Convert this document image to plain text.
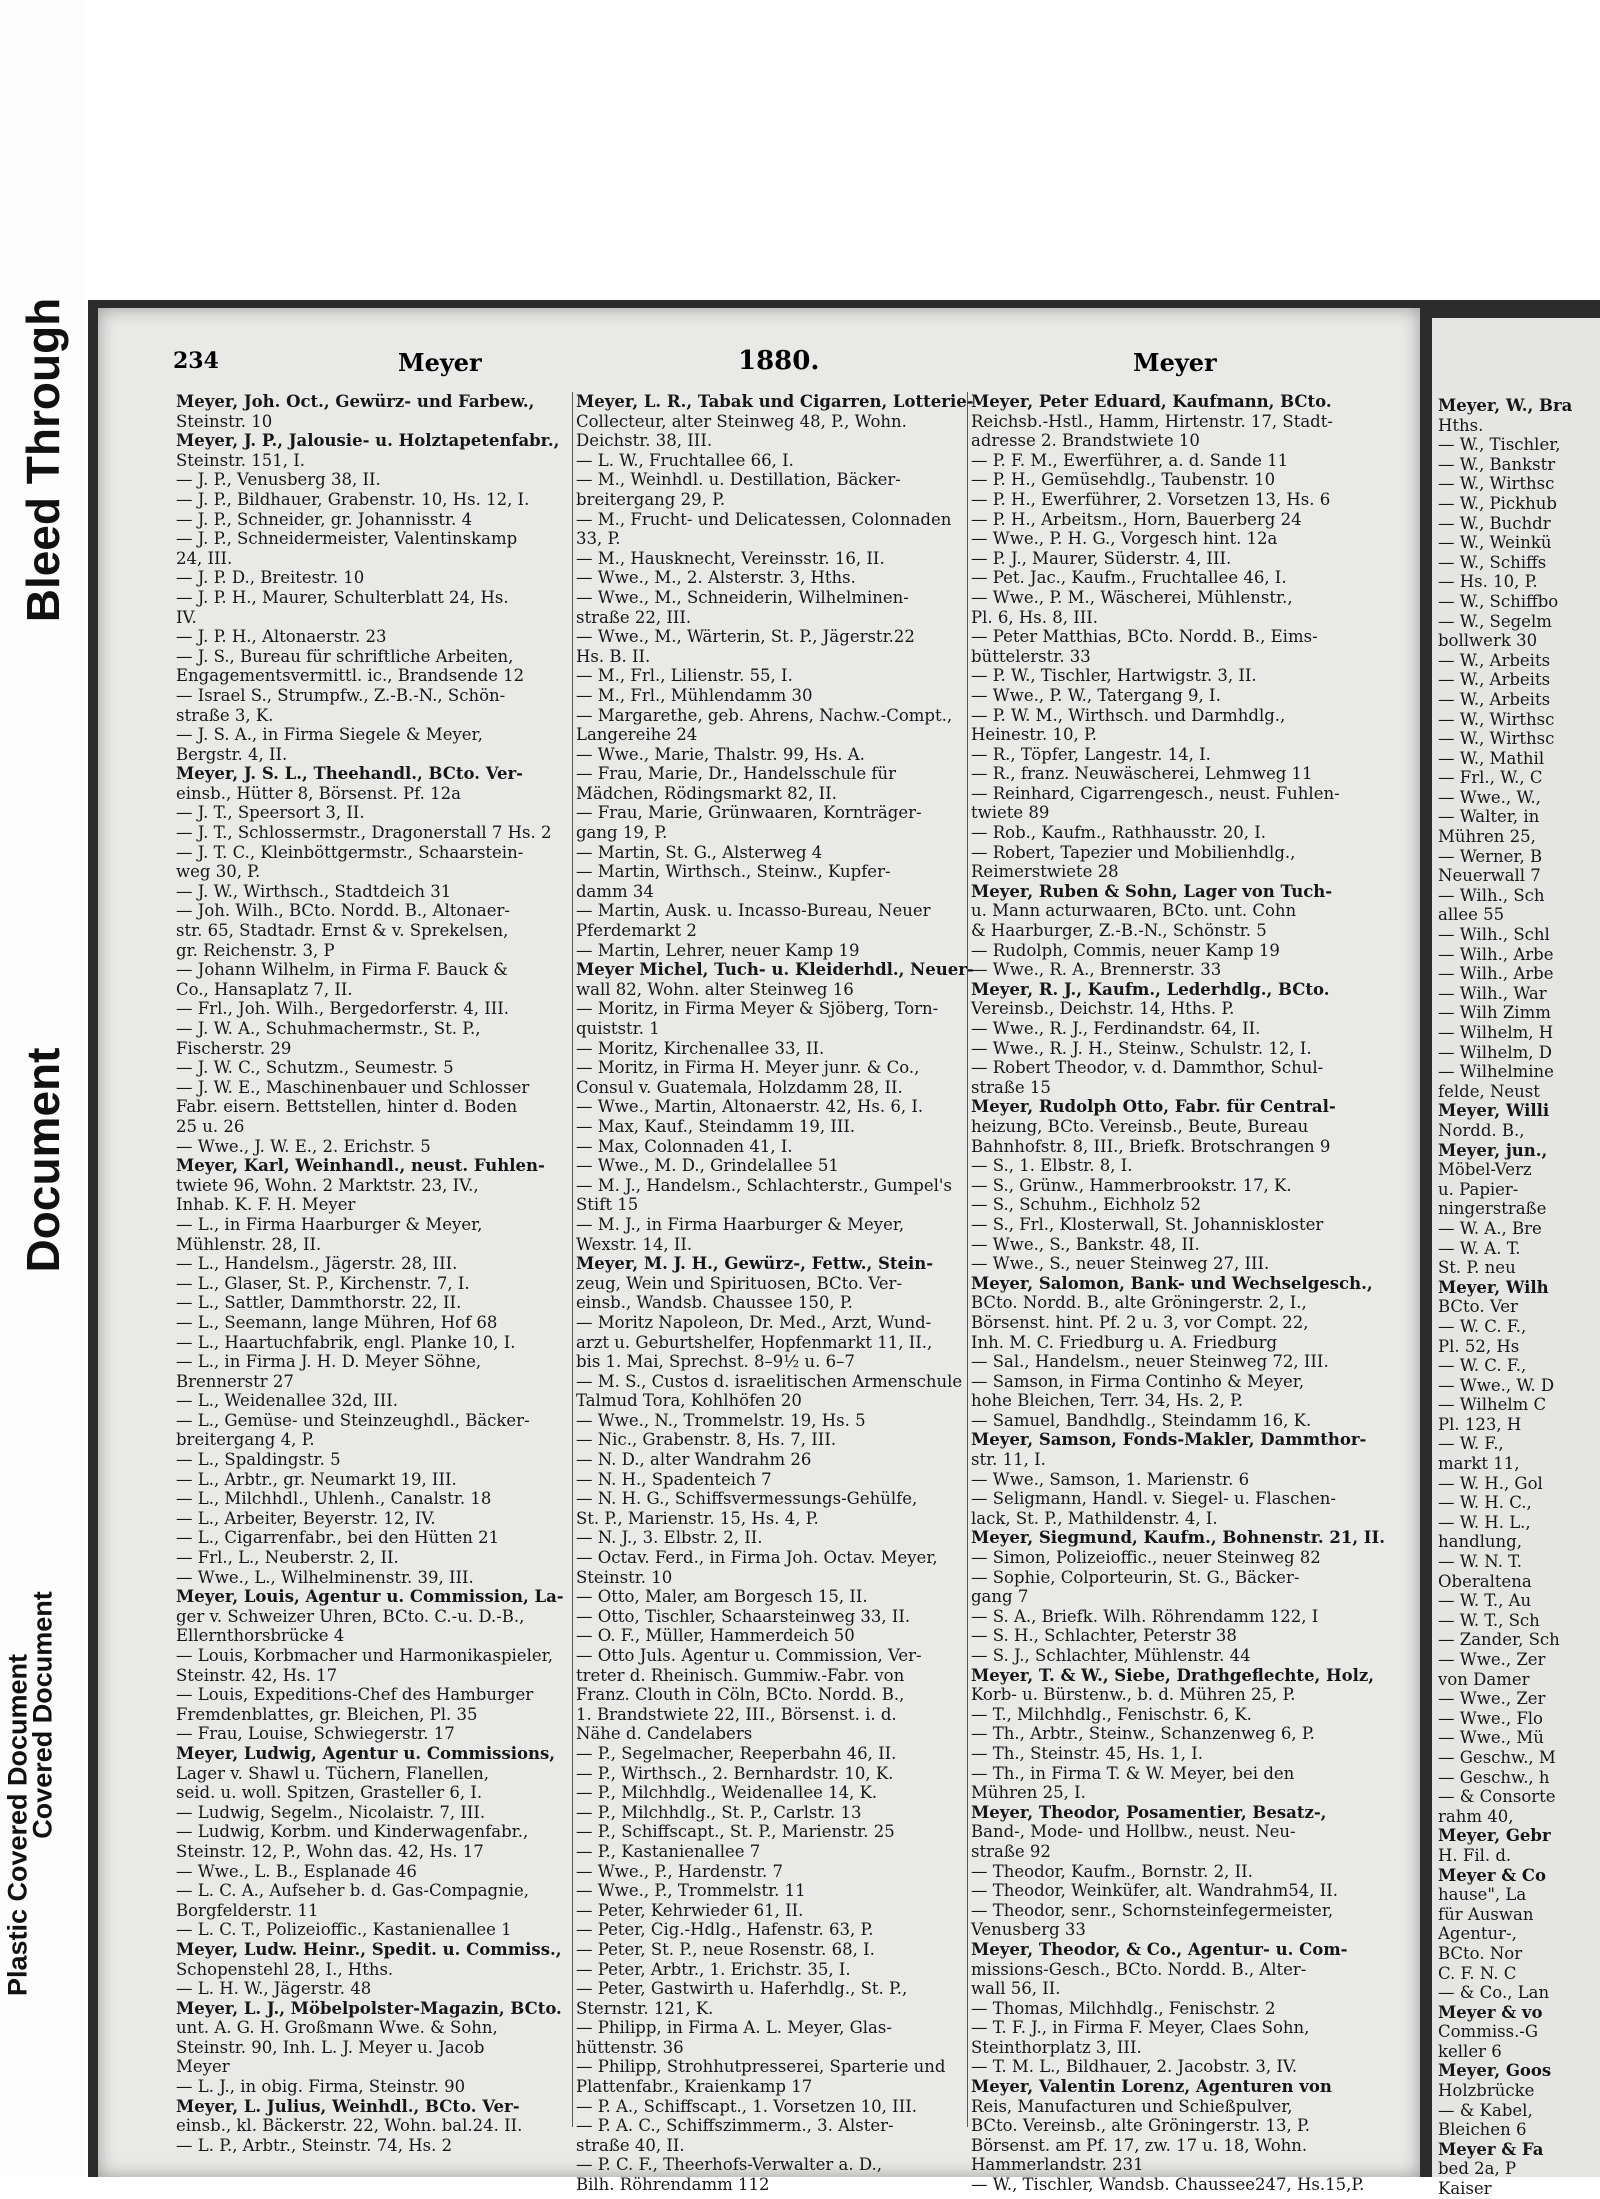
Bleed Through
Document
Covered Document
Plastic Covered Document
234	Meyer	1880.	Meyer

Meyer, Joh. Oct., Gewürz- und Farbew.,

Steinstr. 10

Meyer, J. P., Jalousie- u. Holztapetenfabr.,

Steinstr. 151, I.

— J. P., Venusberg 38, II.

— J. P., Bildhauer, Grabenstr. 10, Hs. 12, I.

— J. P., Schneider, gr. Johannisstr. 4

— J. P., Schneidermeister, Valentinskamp

24, III.

— J. P. D., Breitestr. 10

— J. P. H., Maurer, Schulterblatt 24, Hs.

IV.

— J. P. H., Altonaerstr. 23

— J. S., Bureau für schriftliche Arbeiten,

Engagementsvermittl. ic., Brandsende 12

— Israel S., Strumpfw., Z.-B.-N., Schön-

straße 3, K.

— J. S. A., in Firma Siegele & Meyer,

Bergstr. 4, II.

Meyer, J. S. L., Theehandl., BCto. Ver-

einsb., Hütter 8, Börsenst. Pf. 12a

— J. T., Speersort 3, II.

— J. T., Schlossermstr., Dragonerstall 7 Hs. 2

— J. T. C., Kleinböttgermstr., Schaarstein-

weg 30, P.

— J. W., Wirthsch., Stadtdeich 31

— Joh. Wilh., BCto. Nordd. B., Altonaer-

str. 65, Stadtadr. Ernst & v. Sprekelsen,

gr. Reichenstr. 3, P

— Johann Wilhelm, in Firma F. Bauck &

Co., Hansaplatz 7, II.

— Frl., Joh. Wilh., Bergedorferstr. 4, III.

— J. W. A., Schuhmachermstr., St. P.,

Fischerstr. 29

— J. W. C., Schutzm., Seumestr. 5

— J. W. E., Maschinenbauer und Schlosser

Fabr. eisern. Bettstellen, hinter d. Boden

25 u. 26

— Wwe., J. W. E., 2. Erichstr. 5

Meyer, Karl, Weinhandl., neust. Fuhlen-

twiete 96, Wohn. 2 Marktstr. 23, IV.,

Inhab. K. F. H. Meyer

— L., in Firma Haarburger & Meyer,

Mühlenstr. 28, II.

— L., Handelsm., Jägerstr. 28, III.

— L., Glaser, St. P., Kirchenstr. 7, I.

— L., Sattler, Dammthorstr. 22, II.

— L., Seemann, lange Mühren, Hof 68

— L., Haartuchfabrik, engl. Planke 10, I.

— L., in Firma J. H. D. Meyer Söhne,

Brennerstr 27

— L., Weidenallee 32d, III.

— L., Gemüse- und Steinzeughdl., Bäcker-

breitergang 4, P.

— L., Spaldingstr. 5

— L., Arbtr., gr. Neumarkt 19, III.

— L., Milchhdl., Uhlenh., Canalstr. 18

— L., Arbeiter, Beyerstr. 12, IV.

— L., Cigarrenfabr., bei den Hütten 21

— Frl., L., Neuberstr. 2, II.

— Wwe., L., Wilhelminenstr. 39, III.

Meyer, Louis, Agentur u. Commission, La-

ger v. Schweizer Uhren, BCto. C.-u. D.-B.,

Ellernthorsbrücke 4

— Louis, Korbmacher und Harmonikaspieler,

Steinstr. 42, Hs. 17

— Louis, Expeditions-Chef des Hamburger

Fremdenblattes, gr. Bleichen, Pl. 35

— Frau, Louise, Schwiegerstr. 17

Meyer, Ludwig, Agentur u. Commissions,

Lager v. Shawl u. Tüchern, Flanellen,

seid. u. woll. Spitzen, Grasteller 6, I.

— Ludwig, Segelm., Nicolaistr. 7, III.

— Ludwig, Korbm. und Kinderwagenfabr.,

Steinstr. 12, P., Wohn das. 42, Hs. 17

— Wwe., L. B., Esplanade 46

— L. C. A., Aufseher b. d. Gas-Compagnie,

Borgfelderstr. 11

— L. C. T., Polizeioffic., Kastanienallee 1

Meyer, Ludw. Heinr., Spedit. u. Commiss.,

Schopenstehl 28, I., Hths.

— L. H. W., Jägerstr. 48

Meyer, L. J., Möbelpolster-Magazin, BCto.

unt. A. G. H. Großmann Wwe. & Sohn,

Steinstr. 90, Inh. L. J. Meyer u. Jacob

Meyer

— L. J., in obig. Firma, Steinstr. 90

Meyer, L. Julius, Weinhdl., BCto. Ver-

einsb., kl. Bäckerstr. 22, Wohn. bal.24. II.

— L. P., Arbtr., Steinstr. 74, Hs. 2

Meyer, L. R., Tabak und Cigarren, Lotterie-

Collecteur, alter Steinweg 48, P., Wohn.

Deichstr. 38, III.

— L. W., Fruchtallee 66, I.

— M., Weinhdl. u. Destillation, Bäcker-

breitergang 29, P.

— M., Frucht- und Delicatessen, Colonnaden

33, P.

— M., Hausknecht, Vereinsstr. 16, II.

— Wwe., M., 2. Alsterstr. 3, Hths.

— Wwe., M., Schneiderin, Wilhelminen-

straße 22, III.

— Wwe., M., Wärterin, St. P., Jägerstr.22

Hs. B. II.

— M., Frl., Lilienstr. 55, I.

— M., Frl., Mühlendamm 30

— Margarethe, geb. Ahrens, Nachw.-Compt.,

Langereihe 24

— Wwe., Marie, Thalstr. 99, Hs. A.

— Frau, Marie, Dr., Handelsschule für

Mädchen, Rödingsmarkt 82, II.

— Frau, Marie, Grünwaaren, Kornträger-

gang 19, P.

— Martin, St. G., Alsterweg 4

— Martin, Wirthsch., Steinw., Kupfer-

damm 34

— Martin, Ausk. u. Incasso-Bureau, Neuer

Pferdemarkt 2

— Martin, Lehrer, neuer Kamp 19

Meyer Michel, Tuch- u. Kleiderhdl., Neuer-

wall 82, Wohn. alter Steinweg 16

— Moritz, in Firma Meyer & Sjöberg, Torn-

quiststr. 1

— Moritz, Kirchenallee 33, II.

— Moritz, in Firma H. Meyer junr. & Co.,

Consul v. Guatemala, Holzdamm 28, II.

— Wwe., Martin, Altonaerstr. 42, Hs. 6, I.

— Max, Kauf., Steindamm 19, III.

— Max, Colonnaden 41, I.

— Wwe., M. D., Grindelallee 51

— M. J., Handelsm., Schlachterstr., Gumpel's

Stift 15

— M. J., in Firma Haarburger & Meyer,

Wexstr. 14, II.

Meyer, M. J. H., Gewürz-, Fettw., Stein-

zeug, Wein und Spirituosen, BCto. Ver-

einsb., Wandsb. Chaussee 150, P.

— Moritz Napoleon, Dr. Med., Arzt, Wund-

arzt u. Geburtshelfer, Hopfenmarkt 11, II.,

bis 1. Mai, Sprechst. 8–9½ u. 6–7

— M. S., Custos d. israelitischen Armenschule

Talmud Tora, Kohlhöfen 20

— Wwe., N., Trommelstr. 19, Hs. 5

— Nic., Grabenstr. 8, Hs. 7, III.

— N. D., alter Wandrahm 26

— N. H., Spadenteich 7

— N. H. G., Schiffsvermessungs-Gehülfe,

St. P., Marienstr. 15, Hs. 4, P.

— N. J., 3. Elbstr. 2, II.

— Octav. Ferd., in Firma Joh. Octav. Meyer,

Steinstr. 10

— Otto, Maler, am Borgesch 15, II.

— Otto, Tischler, Schaarsteinweg 33, II.

— O. F., Müller, Hammerdeich 50

— Otto Juls. Agentur u. Commission, Ver-

treter d. Rheinisch. Gummiw.-Fabr. von

Franz. Clouth in Cöln, BCto. Nordd. B.,

1. Brandstwiete 22, III., Börsenst. i. d.

Nähe d. Candelabers

— P., Segelmacher, Reeperbahn 46, II.

— P., Wirthsch., 2. Bernhardstr. 10, K.

— P., Milchhdlg., Weidenallee 14, K.

— P., Milchhdlg., St. P., Carlstr. 13

— P., Schiffscapt., St. P., Marienstr. 25

— P., Kastanienallee 7

— Wwe., P., Hardenstr. 7

— Wwe., P., Trommelstr. 11

— Peter, Kehrwieder 61, II.

— Peter, Cig.-Hdlg., Hafenstr. 63, P.

— Peter, St. P., neue Rosenstr. 68, I.

— Peter, Arbtr., 1. Erichstr. 35, I.

— Peter, Gastwirth u. Haferhdlg., St. P.,

Sternstr. 121, K.

— Philipp, in Firma A. L. Meyer, Glas-

hüttenstr. 36

— Philipp, Strohhutpresserei, Sparterie und

Plattenfabr., Kraienkamp 17

— P. A., Schiffscapt., 1. Vorsetzen 10, III.

— P. A. C., Schiffszimmerm., 3. Alster-

straße 40, II.

— P. C. F., Theerhofs-Verwalter a. D.,

Bilh. Röhrendamm 112

Meyer, Peter Eduard, Kaufmann, BCto.

Reichsb.-Hstl., Hamm, Hirtenstr. 17, Stadt-

adresse 2. Brandstwiete 10

— P. F. M., Ewerführer, a. d. Sande 11

— P. H., Gemüsehdlg., Taubenstr. 10

— P. H., Ewerführer, 2. Vorsetzen 13, Hs. 6

— P. H., Arbeitsm., Horn, Bauerberg 24

— Wwe., P. H. G., Vorgesch hint. 12a

— P. J., Maurer, Süderstr. 4, III.

— Pet. Jac., Kaufm., Fruchtallee 46, I.

— Wwe., P. M., Wäscherei, Mühlenstr.,

Pl. 6, Hs. 8, III.

— Peter Matthias, BCto. Nordd. B., Eims-

büttelerstr. 33

— P. W., Tischler, Hartwigstr. 3, II.

— Wwe., P. W., Tatergang 9, I.

— P. W. M., Wirthsch. und Darmhdlg.,

Heinestr. 10, P.

— R., Töpfer, Langestr. 14, I.

— R., franz. Neuwäscherei, Lehmweg 11

— Reinhard, Cigarrengesch., neust. Fuhlen-

twiete 89

— Rob., Kaufm., Rathhausstr. 20, I.

— Robert, Tapezier und Mobilienhdlg.,

Reimerstwiete 28

Meyer, Ruben & Sohn, Lager von Tuch-

u. Mann acturwaaren, BCto. unt. Cohn

& Haarburger, Z.-B.-N., Schönstr. 5

— Rudolph, Commis, neuer Kamp 19

— Wwe., R. A., Brennerstr. 33

Meyer, R. J., Kaufm., Lederhdlg., BCto.

Vereinsb., Deichstr. 14, Hths. P.

— Wwe., R. J., Ferdinandstr. 64, II.

— Wwe., R. J. H., Steinw., Schulstr. 12, I.

— Robert Theodor, v. d. Dammthor, Schul-

straße 15

Meyer, Rudolph Otto, Fabr. für Central-

heizung, BCto. Vereinsb., Beute, Bureau

Bahnhofstr. 8, III., Briefk. Brotschrangen 9

— S., 1. Elbstr. 8, I.

— S., Grünw., Hammerbrookstr. 17, K.

— S., Schuhm., Eichholz 52

— S., Frl., Klosterwall, St. Johanniskloster

— Wwe., S., Bankstr. 48, II.

— Wwe., S., neuer Steinweg 27, III.

Meyer, Salomon, Bank- und Wechselgesch.,

BCto. Nordd. B., alte Gröningerstr. 2, I.,

Börsenst. hint. Pf. 2 u. 3, vor Compt. 22,

Inh. M. C. Friedburg u. A. Friedburg

— Sal., Handelsm., neuer Steinweg 72, III.

— Samson, in Firma Continho & Meyer,

hohe Bleichen, Terr. 34, Hs. 2, P.

— Samuel, Bandhdlg., Steindamm 16, K.

Meyer, Samson, Fonds-Makler, Dammthor-

str. 11, I.

— Wwe., Samson, 1. Marienstr. 6

— Seligmann, Handl. v. Siegel- u. Flaschen-

lack, St. P., Mathildenstr. 4, I.

Meyer, Siegmund, Kaufm., Bohnenstr. 21, II.

— Simon, Polizeioffic., neuer Steinweg 82

— Sophie, Colporteurin, St. G., Bäcker-

gang 7

— S. A., Briefk. Wilh. Röhrendamm 122, I

— S. H., Schlachter, Peterstr 38

— S. J., Schlachter, Mühlenstr. 44

Meyer, T. & W., Siebe, Drathgeflechte, Holz,

Korb- u. Bürstenw., b. d. Mühren 25, P.

— T., Milchhdlg., Fenischstr. 6, K.

— Th., Arbtr., Steinw., Schanzenweg 6, P.

— Th., Steinstr. 45, Hs. 1, I.

— Th., in Firma T. & W. Meyer, bei den

Mühren 25, I.

Meyer, Theodor, Posamentier, Besatz-,

Band-, Mode- und Hollbw., neust. Neu-

straße 92

— Theodor, Kaufm., Bornstr. 2, II.

— Theodor, Weinküfer, alt. Wandrahm54, II.

— Theodor, senr., Schornsteinfegermeister,

Venusberg 33

Meyer, Theodor, & Co., Agentur- u. Com-

missions-Gesch., BCto. Nordd. B., Alter-

wall 56, II.

— Thomas, Milchhdlg., Fenischstr. 2

— T. F. J., in Firma F. Meyer, Claes Sohn,

Steinthorplatz 3, III.

— T. M. L., Bildhauer, 2. Jacobstr. 3, IV.

Meyer, Valentin Lorenz, Agenturen von

Reis, Manufacturen und Schießpulver,

BCto. Vereinsb., alte Gröningerstr. 13, P.

Börsenst. am Pf. 17, zw. 17 u. 18, Wohn.

Hammerlandstr. 231

— W., Tischler, Wandsb. Chaussee247, Hs.15,P.

Meyer, W., Bra

Hths.

— W., Tischler,

— W., Bankstr

— W., Wirthsc

— W., Pickhub

— W., Buchdr

— W., Weinkü

— W., Schiffs

— Hs. 10, P.

— W., Schiffbo

— W., Segelm

bollwerk 30

— W., Arbeits

— W., Arbeits

— W., Arbeits

— W., Wirthsc

— W., Wirthsc

— W., Mathil

— Frl., W., C

— Wwe., W.,

— Walter, in

Mühren 25,

— Werner, B

Neuerwall 7

— Wilh., Sch

allee 55

— Wilh., Schl

— Wilh., Arbe

— Wilh., Arbe

— Wilh., War

— Wilh Zimm

— Wilhelm, H

— Wilhelm, D

— Wilhelmine

felde, Neust

Meyer, Willi

Nordd. B.,

Meyer, jun.,

Möbel-Verz

u. Papier-

ningerstraße

— W. A., Bre

— W. A. T.

St. P. neu

Meyer, Wilh

BCto. Ver

— W. C. F.,

Pl. 52, Hs

— W. C. F.,

— Wwe., W. D

— Wilhelm C

Pl. 123, H

— W. F.,

markt 11,

— W. H., Gol

— W. H. C.,

— W. H. L.,

handlung,

— W. N. T.

Oberaltena

— W. T., Au

— W. T., Sch

— Zander, Sch

— Wwe., Zer

von Damer

— Wwe., Zer

— Wwe., Flo

— Wwe., Mü

— Geschw., M

— Geschw., h

— & Consorte

rahm 40,

Meyer, Gebr

H. Fil. d.

Meyer & Co

hause", La

für Auswan

Agentur-,

BCto. Nor

C. F. N. C

— & Co., Lan

Meyer & vo

Commiss.-G

keller 6

Meyer, Goos

Holzbrücke

— & Kabel,

Bleichen 6

Meyer & Fa

bed 2a, P

Kaiser
